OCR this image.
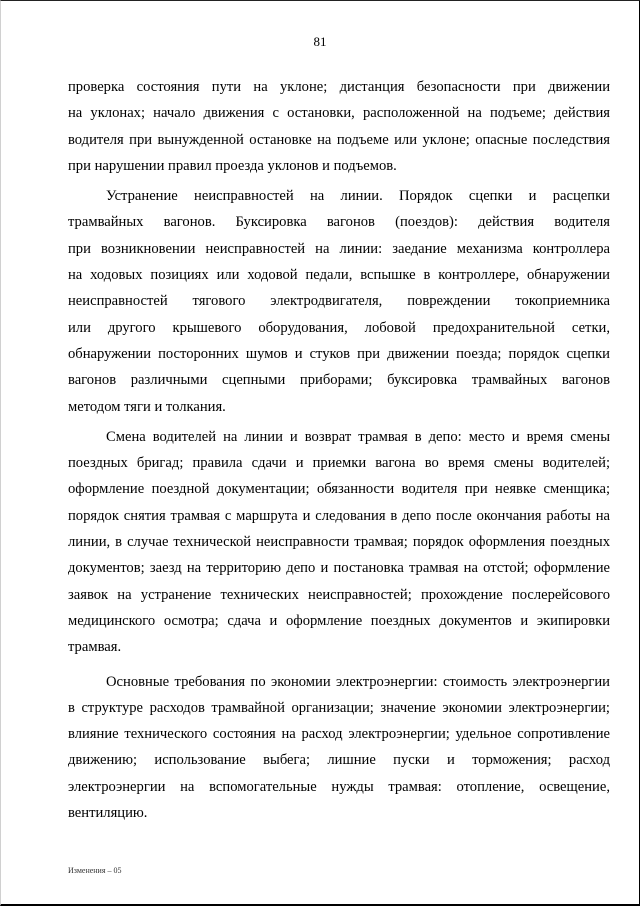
81

проверка состояния пути на уклоне; дистанция безопасности при движении
на уклонах; начало движения с остановки, расположенной на подъеме; действия
водителя при вынужденной остановке на подъеме или уклоне; опасные последствия
при нарушении правил проезда уклонов и подъемов.

Устранение неисправностей на линии. Порядок сцепки и расцепки
трамвайных вагонов. Буксировка вагонов (поездов): действия водителя
при возникновении неисправностей на линии: заедание механизма контроллера
на ходовых позициях или ходовой педали, вспышке в контроллере, обнаружении
неисправностей тягового электродвигателя, повреждении токоприемника
или другого крышевого оборудования, лобовой предохранительной сетки,
обнаружении посторонних шумов и стуков при движении поезда; порядок сцепки
вагонов различными сцепными приборами; буксировка трамвайных вагонов
методом тяги и толкания.

Смена водителей на линии и возврат трамвая в депо: место и время смены
поездных бригад; правила сдачи и приемки вагона во время смены водителей;
оформление поездной документации; обязанности водителя при неявке сменщика;
порядок снятия трамвая с маршрута и следования в депо после окончания работы на
линии, в случае технической неисправности трамвая; порядок оформления поездных
документов; заезд на территорию депо и постановка трамвая на отстой; оформление
заявок на устранение технических неисправностей; прохождение послерейсового
медицинского осмотра; сдача и оформление поездных документов и экипировки
трамвая.

Основные требования по экономии электроэнергии: стоимость электроэнергии
в структуре расходов трамвайной организации; значение экономии электроэнергии;
влияние технического состояния на расход электроэнергии; удельное сопротивление
движению; использование выбега; лишние пуски и торможения; расход
электроэнергии на вспомогательные нужды трамвая: отопление, освещение,
вентиляцию.

Изменения – 05
